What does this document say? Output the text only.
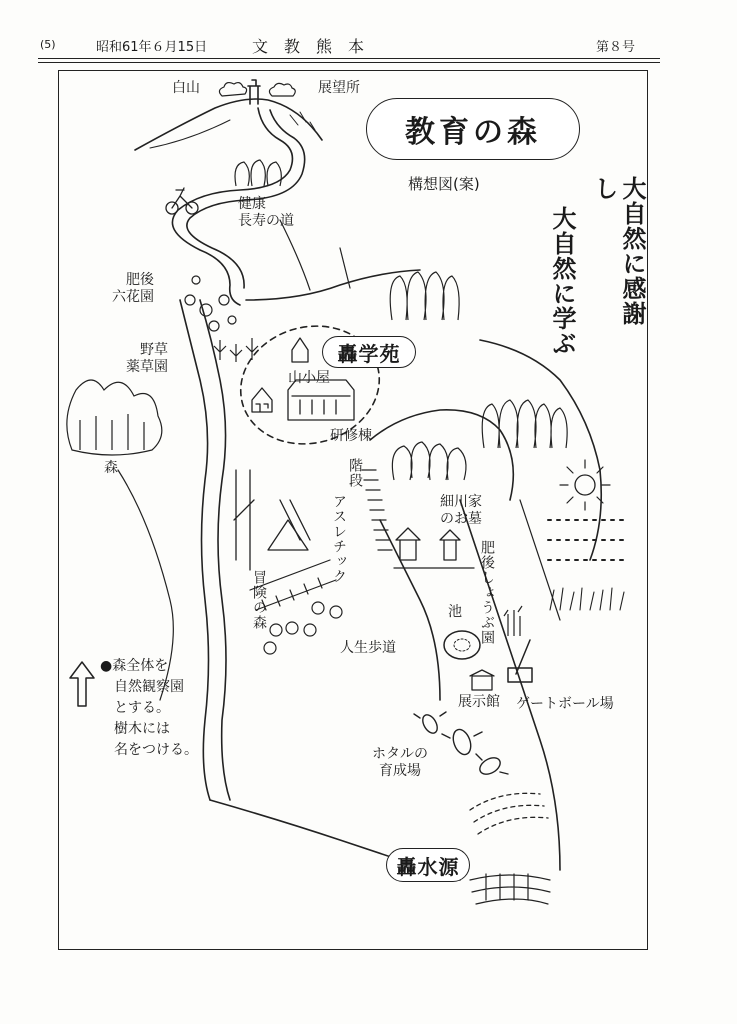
(5)	昭和61年６月15日	文　教　熊　本	第８号
教育の森
構想図(案)	大自然に感謝し
大自然に学ぶ
白山	展望所
健康
長寿の道
肥後
六花園
野草
薬草園
森
轟学苑
山小屋
研修棟
階段
アスレチック	細川家
のお墓
肥後しょうぶ園
池
冒険の森
人生歩道
展示館 ゲートボール場
ホタルの
育成場
轟水源
●森全体を
自然観察園
とする。
樹木には
名をつける。
